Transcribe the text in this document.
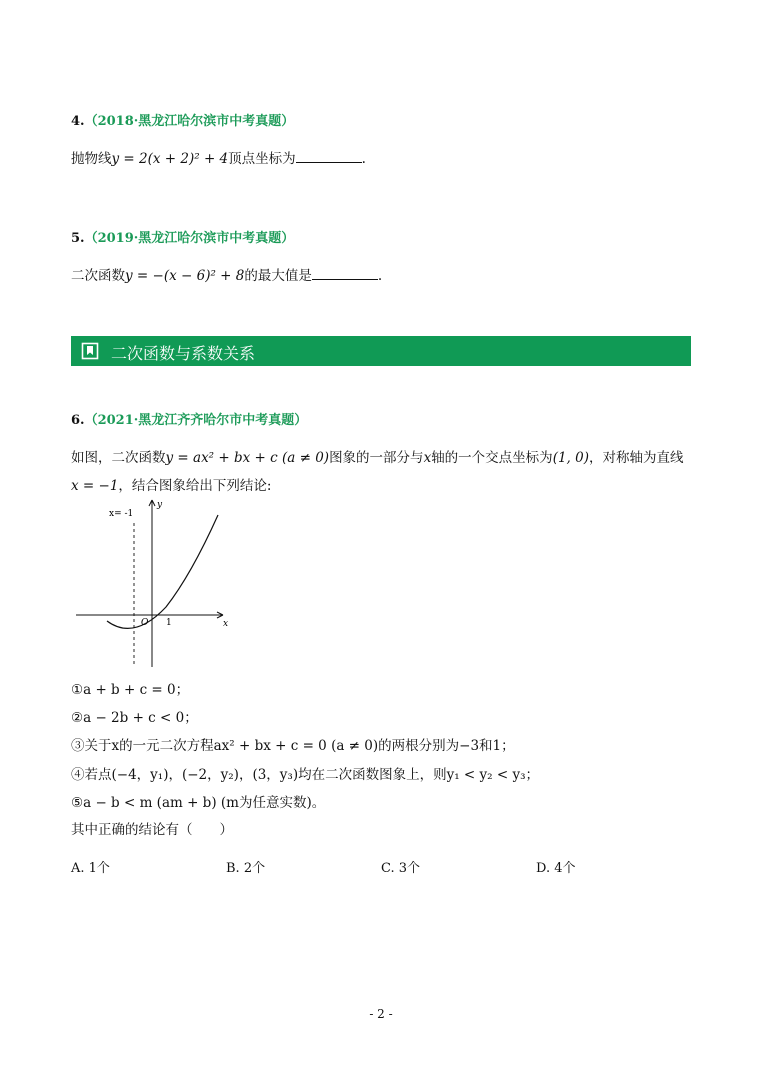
4.（2018·黑龙江哈尔滨市中考真题）
抛物线y = 2(x + 2)² + 4顶点坐标为	.
5.（2019·黑龙江哈尔滨市中考真题）
二次函数y = −(x − 6)² + 8的最大值是	.
二次函数与系数关系
6.（2021·黑龙江齐齐哈尔市中考真题）
如图，二次函数y = ax² + bx + c (a ≠ 0)图象的一部分与x轴的一个交点坐标为(1, 0)，对称轴为直线
x = −1，结合图象给出下列结论:
x= -1
y
x
O 1
①a + b + c = 0；
②a − 2b + c < 0；
③关于x的一元二次方程ax² + bx + c = 0 (a ≠ 0)的两根分别为−3和1；
④若点(−4，y₁)，(−2，y₂)，(3，y₃)均在二次函数图象上，则y₁ < y₂ < y₃；
⑤a − b < m (am + b) (m为任意实数)。
其中正确的结论有（　　）
A. 1个	B. 2个	C. 3个	D. 4个
- 2 -
